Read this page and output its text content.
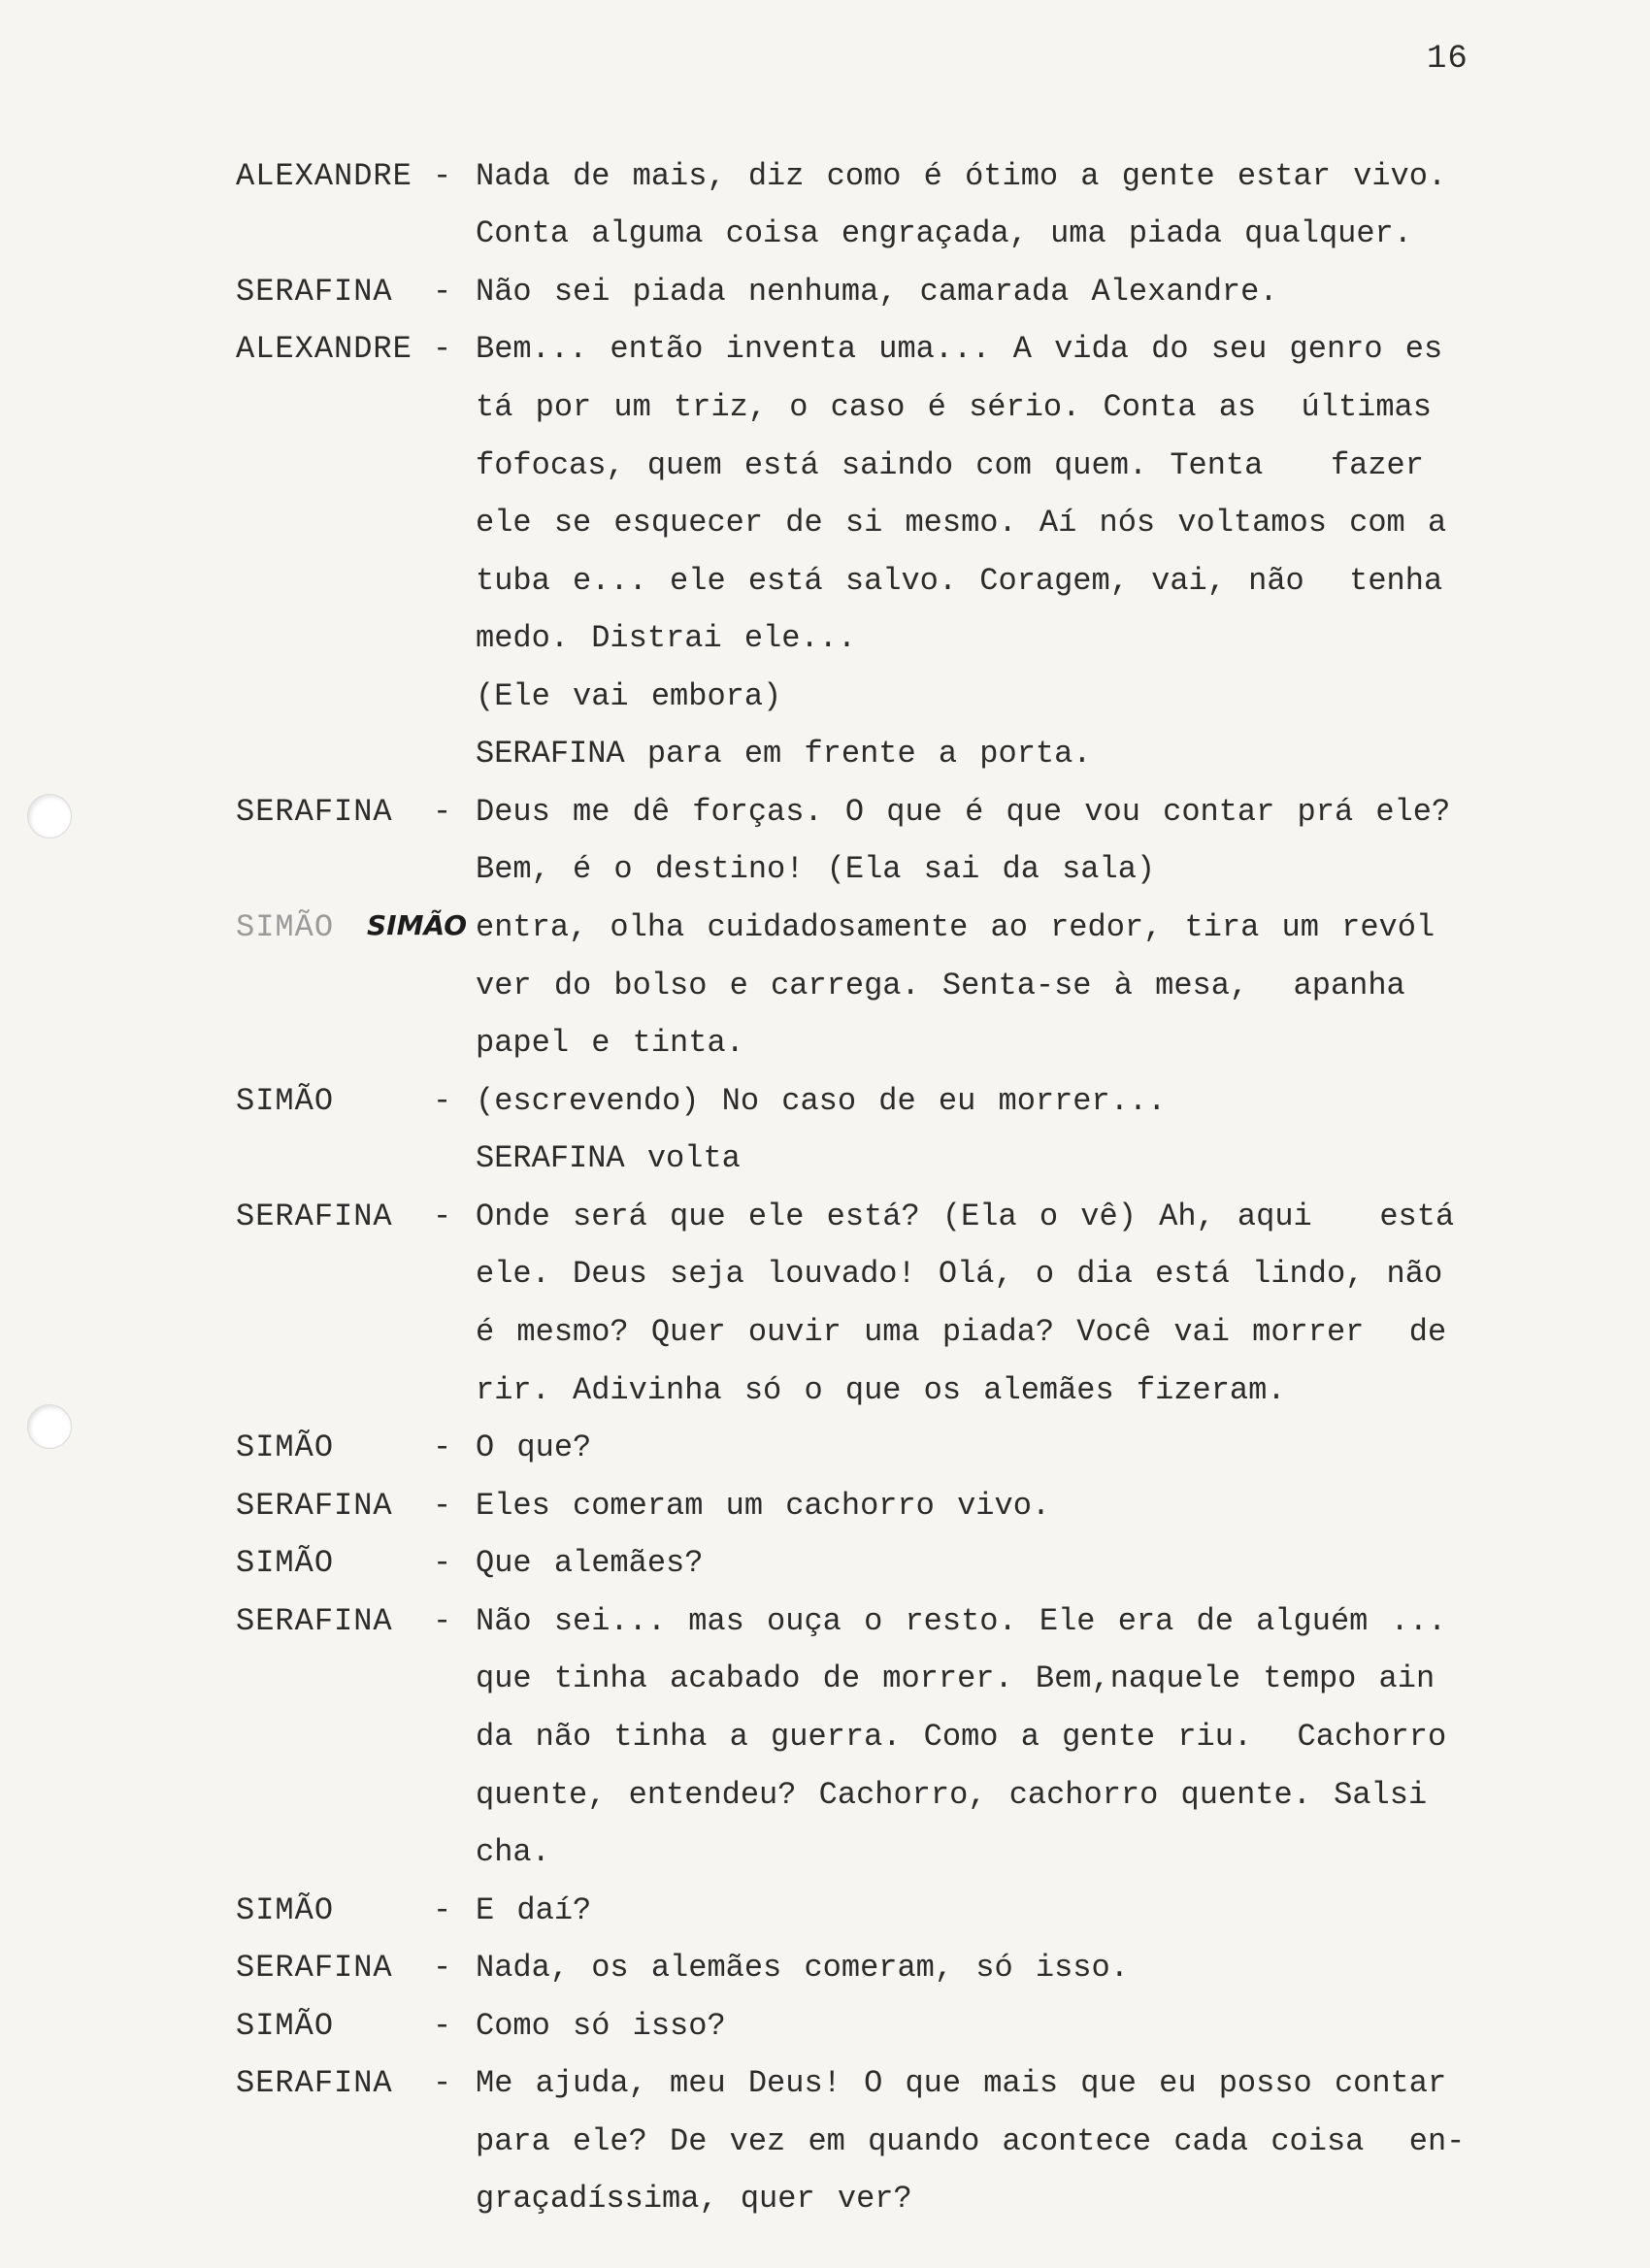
16
ALEXANDRE - Nada de mais, diz como é ótimo a gente estar vivo.
Conta alguma coisa engraçada, uma piada qualquer.
SERAFINA - Não sei piada nenhuma, camarada Alexandre.
ALEXANDRE - Bem... então inventa uma... A vida do seu genro es
tá por um triz, o caso é sério. Conta as  últimas
fofocas, quem está saindo com quem. Tenta   fazer
ele se esquecer de si mesmo. Aí nós voltamos com a
tuba e... ele está salvo. Coragem, vai, não  tenha
medo. Distrai ele...
(Ele vai embora)
SERAFINA para em frente a porta.
SERAFINA - Deus me dê forças. O que é que vou contar prá ele?
Bem, é o destino! (Ela sai da sala)
SIMÃO SIMÃO entra, olha cuidadosamente ao redor, tira um revól
ver do bolso e carrega. Senta-se à mesa,  apanha
papel e tinta.
SIMÃO	- (escrevendo) No caso de eu morrer...
SERAFINA volta
SERAFINA - Onde será que ele está? (Ela o vê) Ah, aqui   está
ele. Deus seja louvado! Olá, o dia está lindo, não
é mesmo? Quer ouvir uma piada? Você vai morrer  de
rir. Adivinha só o que os alemães fizeram.
SIMÃO	- O que?
SERAFINA - Eles comeram um cachorro vivo.
SIMÃO	- Que alemães?
SERAFINA - Não sei... mas ouça o resto. Ele era de alguém ...
que tinha acabado de morrer. Bem,naquele tempo ain
da não tinha a guerra. Como a gente riu.  Cachorro
quente, entendeu? Cachorro, cachorro quente. Salsi
cha.
SIMÃO	- E daí?
SERAFINA - Nada, os alemães comeram, só isso.
SIMÃO	- Como só isso?
SERAFINA - Me ajuda, meu Deus! O que mais que eu posso contar
para ele? De vez em quando acontece cada coisa  en-
graçadíssima, quer ver?
